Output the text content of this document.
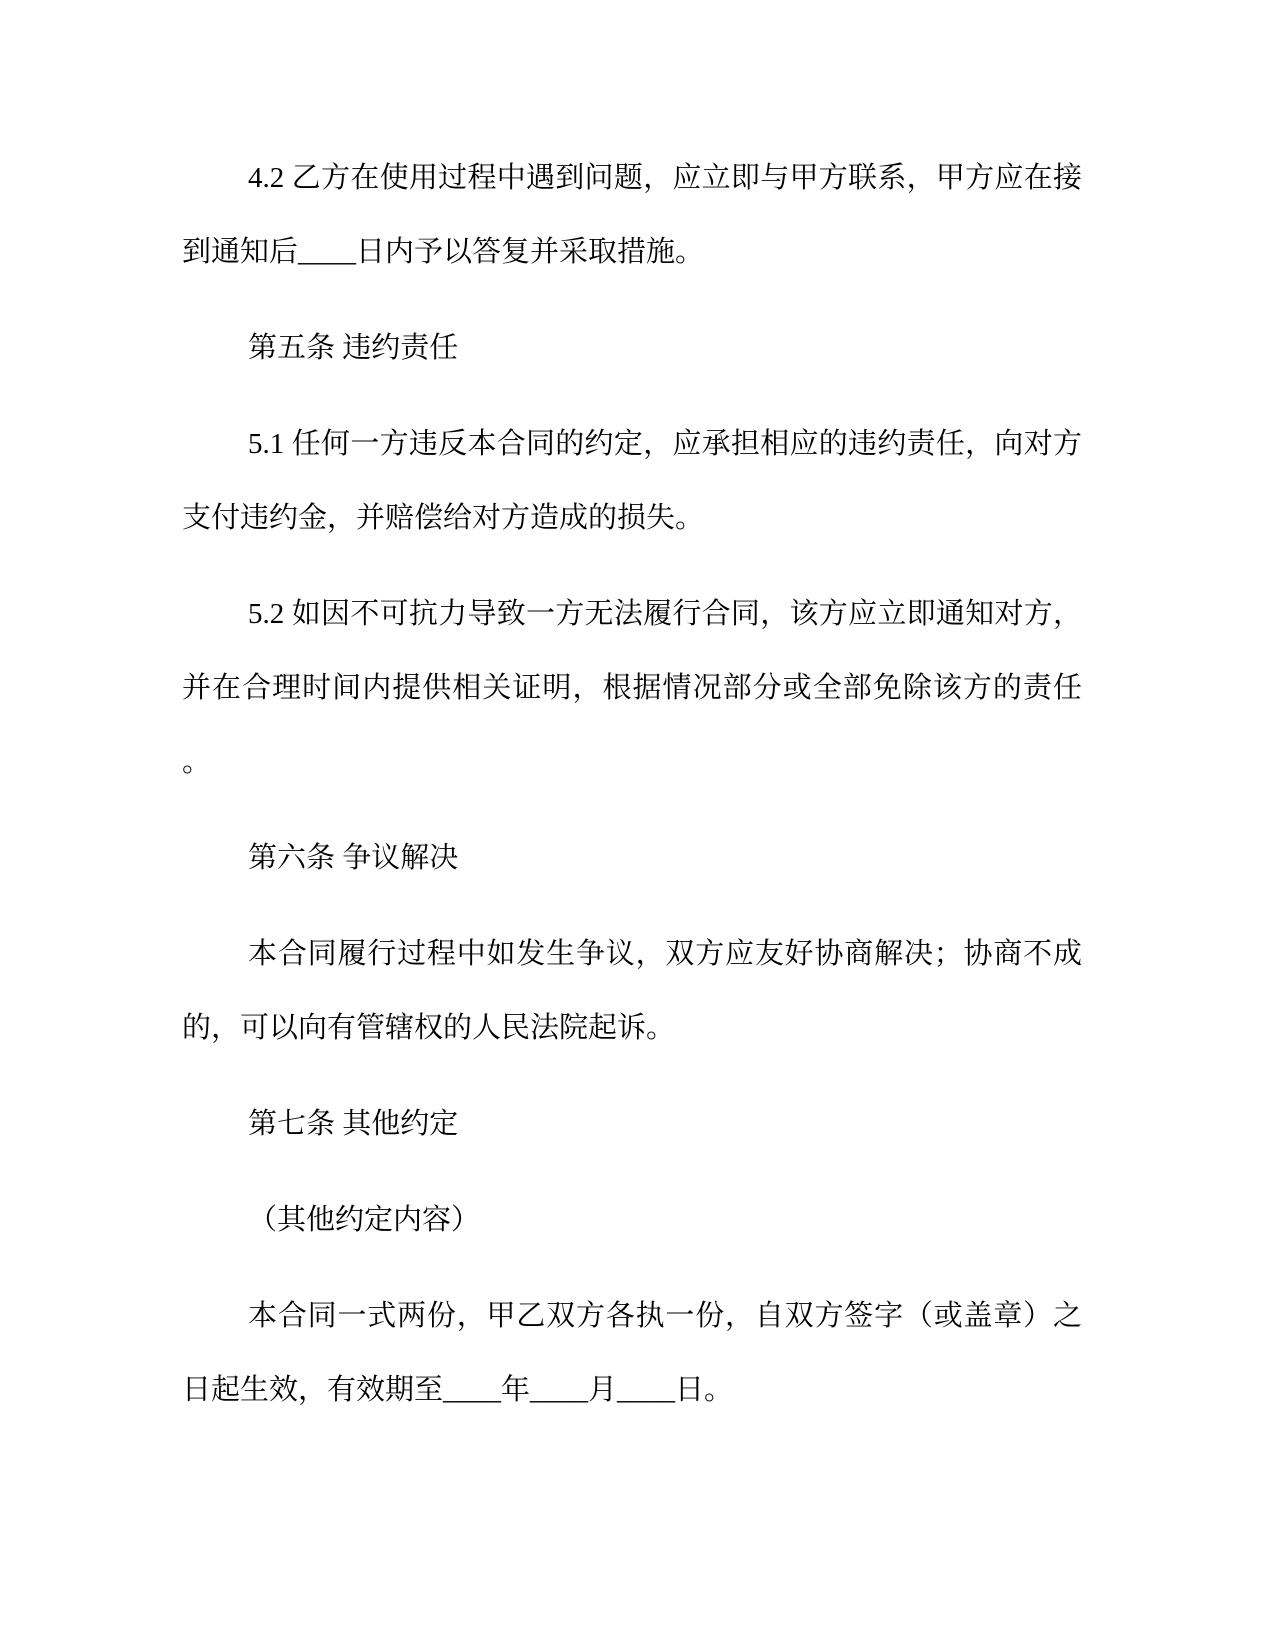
4.2 乙方在使用过程中遇到问题，应立即与甲方联系，甲方应在接
到通知后____日内予以答复并采取措施。
第五条 违约责任
5.1 任何一方违反本合同的约定，应承担相应的违约责任，向对方
支付违约金，并赔偿给对方造成的损失。
5.2 如因不可抗力导致一方无法履行合同，该方应立即通知对方，
并在合理时间内提供相关证明，根据情况部分或全部免除该方的责任
。
第六条 争议解决
本合同履行过程中如发生争议，双方应友好协商解决；协商不成
的，可以向有管辖权的人民法院起诉。
第七条 其他约定
（其他约定内容）
本合同一式两份，甲乙双方各执一份，自双方签字（或盖章）之
日起生效，有效期至____年____月____日。
